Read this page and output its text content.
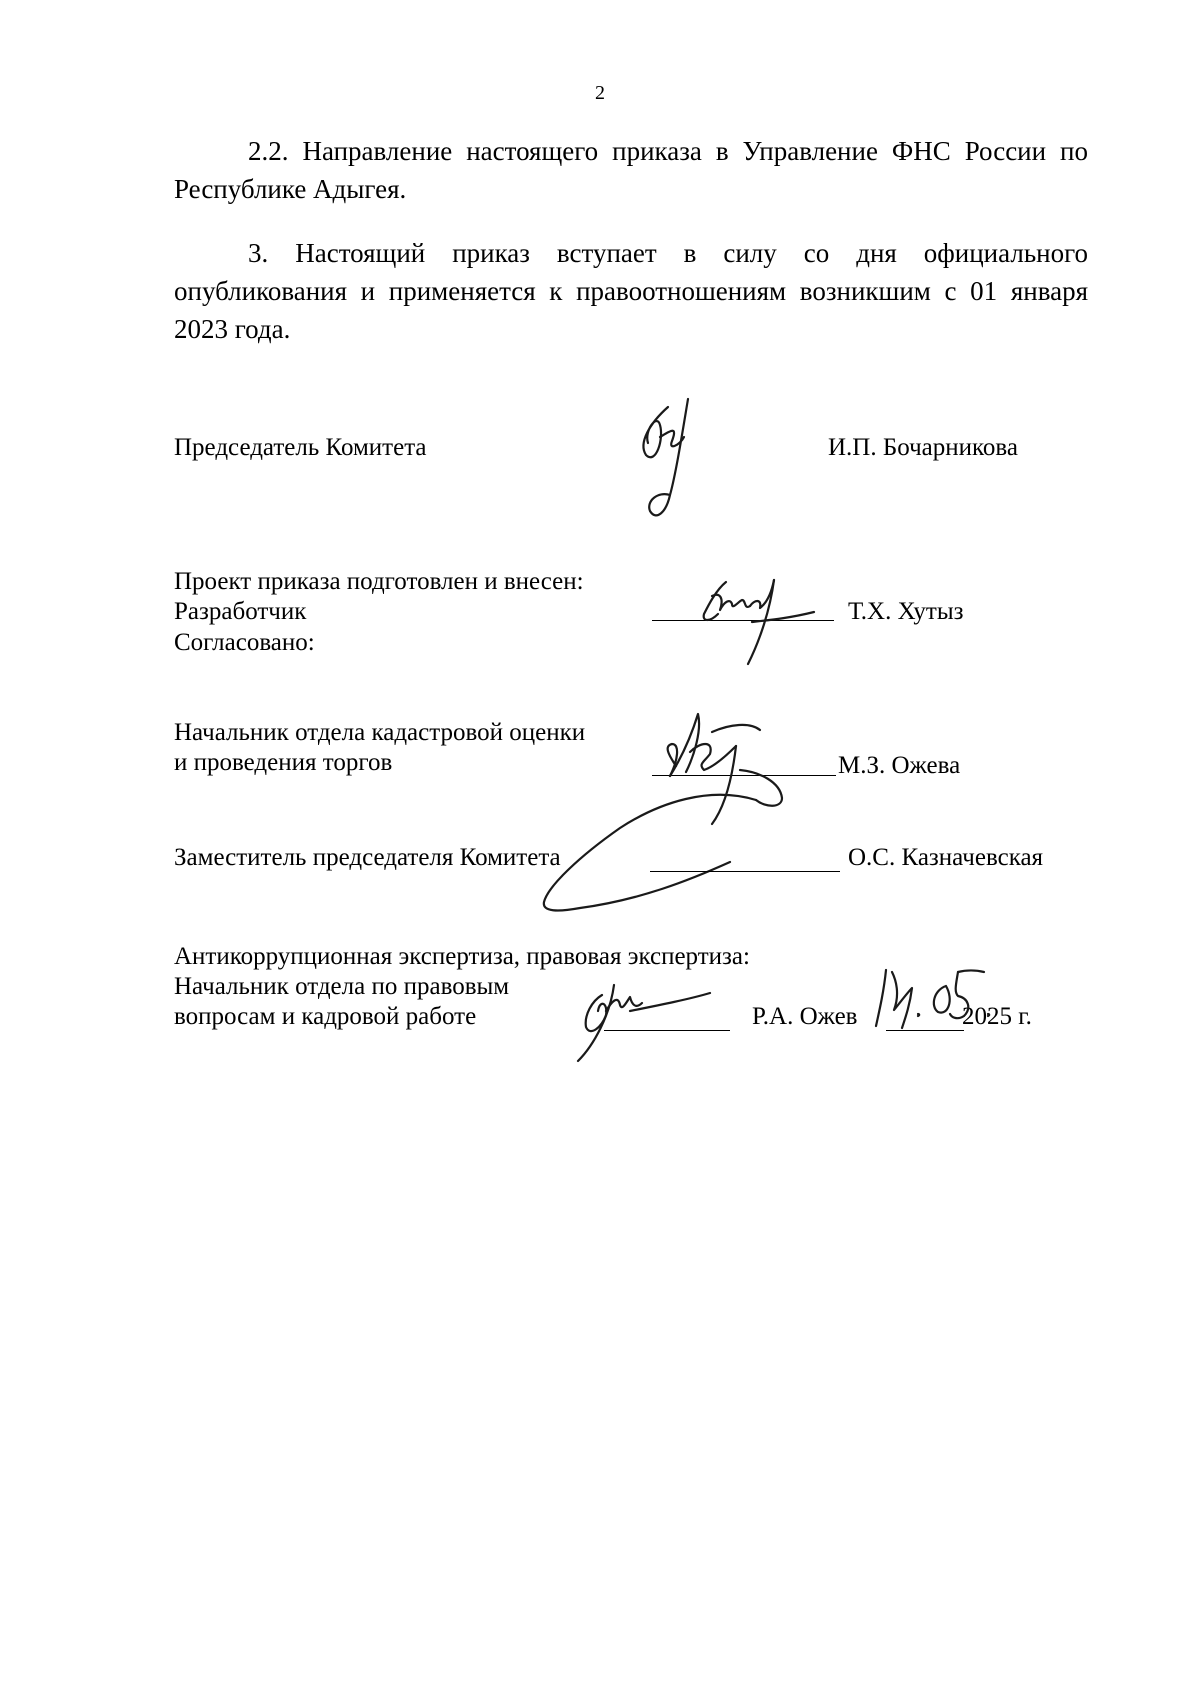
2
2.2. Направление настоящего приказа в Управление ФНС России по Республике Адыгея.
3. Настоящий приказ вступает в силу со дня официального опубликования и применяется к правоотношениям возникшим с 01 января 2023 года.
Председатель Комитета	И.П. Бочарникова
Проект приказа подготовлен и внесен:
Разработчик	Т.Х. Хутыз
Согласовано:
Начальник отдела кадастровой оценки
и проведения торгов	М.З. Ожева
Заместитель председателя Комитета	О.С. Казначевская
Антикоррупционная экспертиза, правовая экспертиза:
Начальник отдела по правовым
вопросам и кадровой работе	Р.А. Ожев	2025 г.
